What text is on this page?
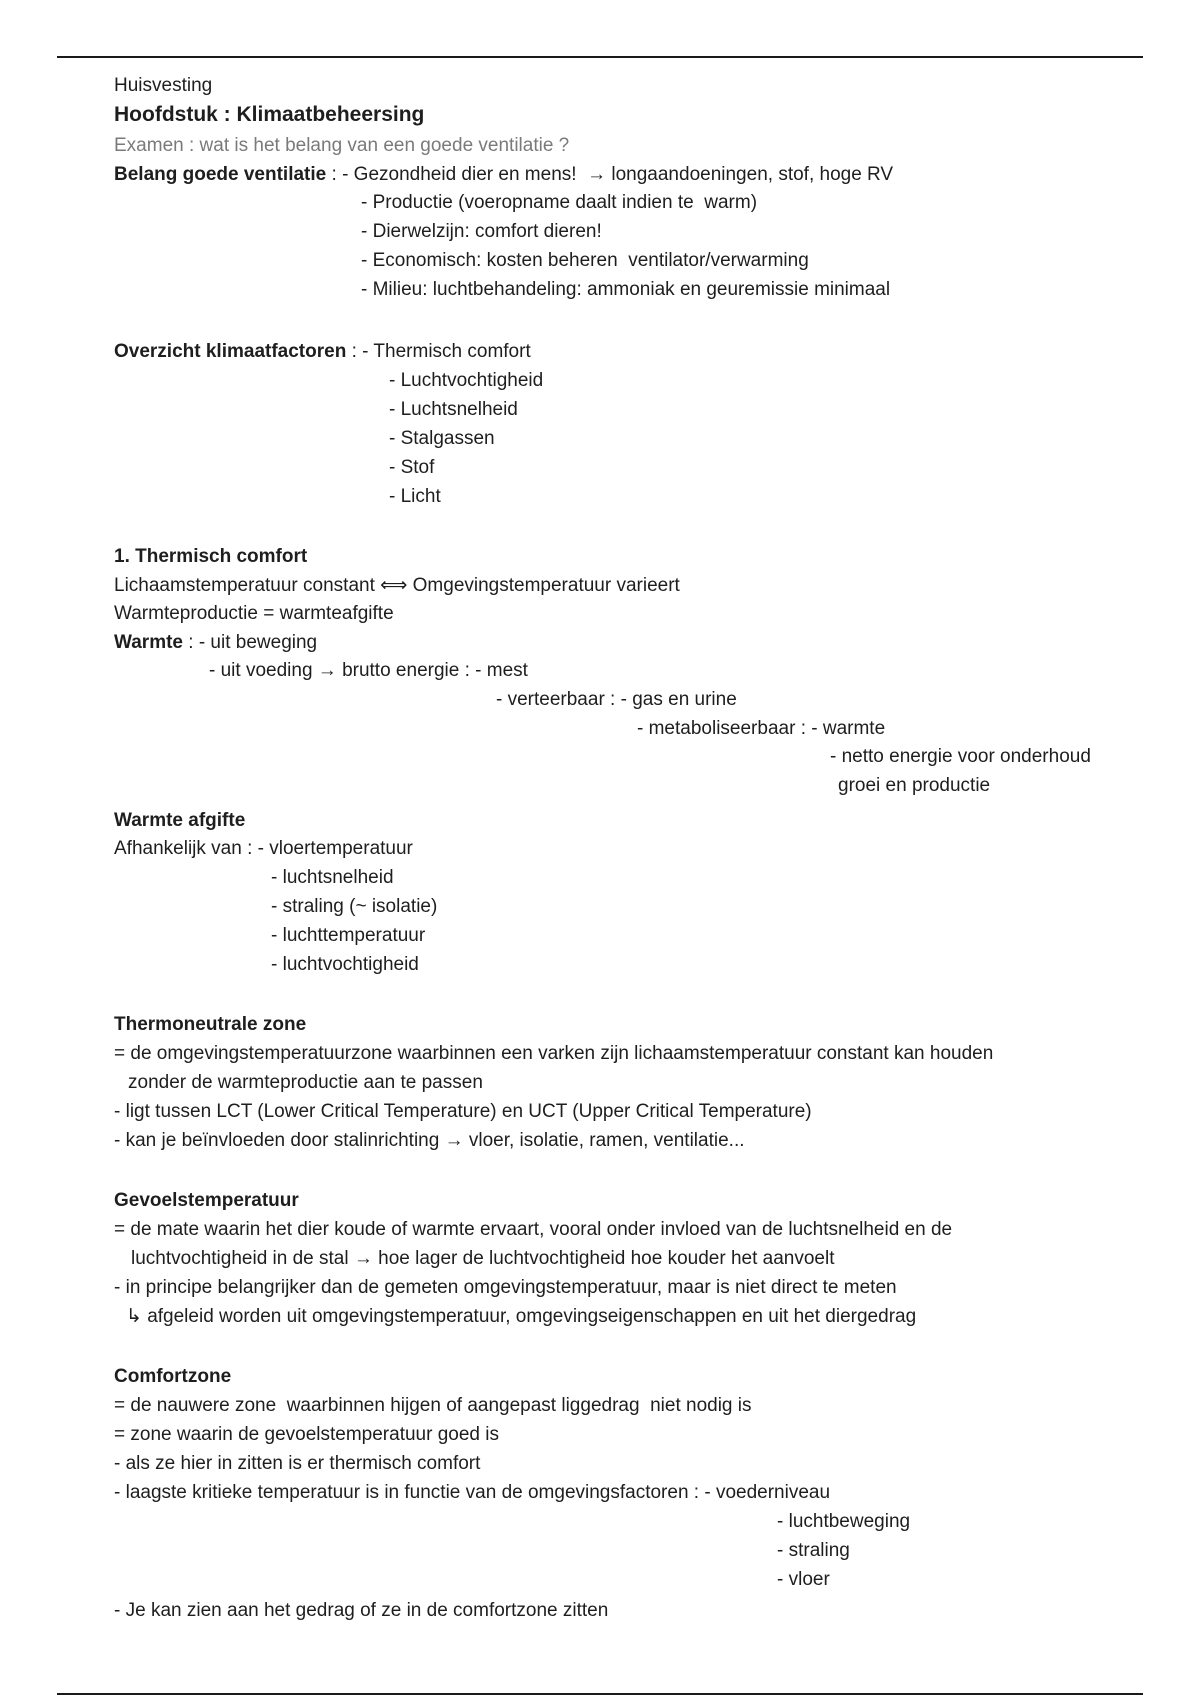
Huisvesting
Hoofdstuk : Klimaatbeheersing
Examen : wat is het belang van een goede ventilatie ?
Belang goede ventilatie : - Gezondheid dier en mens!  → longaandoeningen, stof, hoge RV
- Productie (voeropname daalt indien te  warm)
- Dierwelzijn: comfort dieren!
- Economisch: kosten beheren  ventilator/verwarming
- Milieu: luchtbehandeling: ammoniak en geuremissie minimaal
Overzicht klimaatfactoren : - Thermisch comfort
- Luchtvochtigheid
- Luchtsnelheid
- Stalgassen
- Stof
- Licht
1. Thermisch comfort
Lichaamstemperatuur constant ⟺ Omgevingstemperatuur varieert
Warmteproductie = warmteafgifte
Warmte : - uit beweging
- uit voeding → brutto energie : - mest
- verteerbaar : - gas en urine
- metaboliseerbaar : - warmte
- netto energie voor onderhoud
groei en productie
Warmte afgifte
Afhankelijk van : - vloertemperatuur
- luchtsnelheid
- straling (~ isolatie)
- luchttemperatuur
- luchtvochtigheid
Thermoneutrale zone
= de omgevingstemperatuurzone waarbinnen een varken zijn lichaamstemperatuur constant kan houden
zonder de warmteproductie aan te passen
- ligt tussen LCT (Lower Critical Temperature) en UCT (Upper Critical Temperature)
- kan je beïnvloeden door stalinrichting → vloer, isolatie, ramen, ventilatie...
Gevoelstemperatuur
= de mate waarin het dier koude of warmte ervaart, vooral onder invloed van de luchtsnelheid en de
luchtvochtigheid in de stal → hoe lager de luchtvochtigheid hoe kouder het aanvoelt
- in principe belangrijker dan de gemeten omgevingstemperatuur, maar is niet direct te meten
↳ afgeleid worden uit omgevingstemperatuur, omgevingseigenschappen en uit het diergedrag
Comfortzone
= de nauwere zone  waarbinnen hijgen of aangepast liggedrag  niet nodig is
= zone waarin de gevoelstemperatuur goed is
- als ze hier in zitten is er thermisch comfort
- laagste kritieke temperatuur is in functie van de omgevingsfactoren : - voederniveau
- luchtbeweging
- straling
- vloer
- Je kan zien aan het gedrag of ze in de comfortzone zitten
